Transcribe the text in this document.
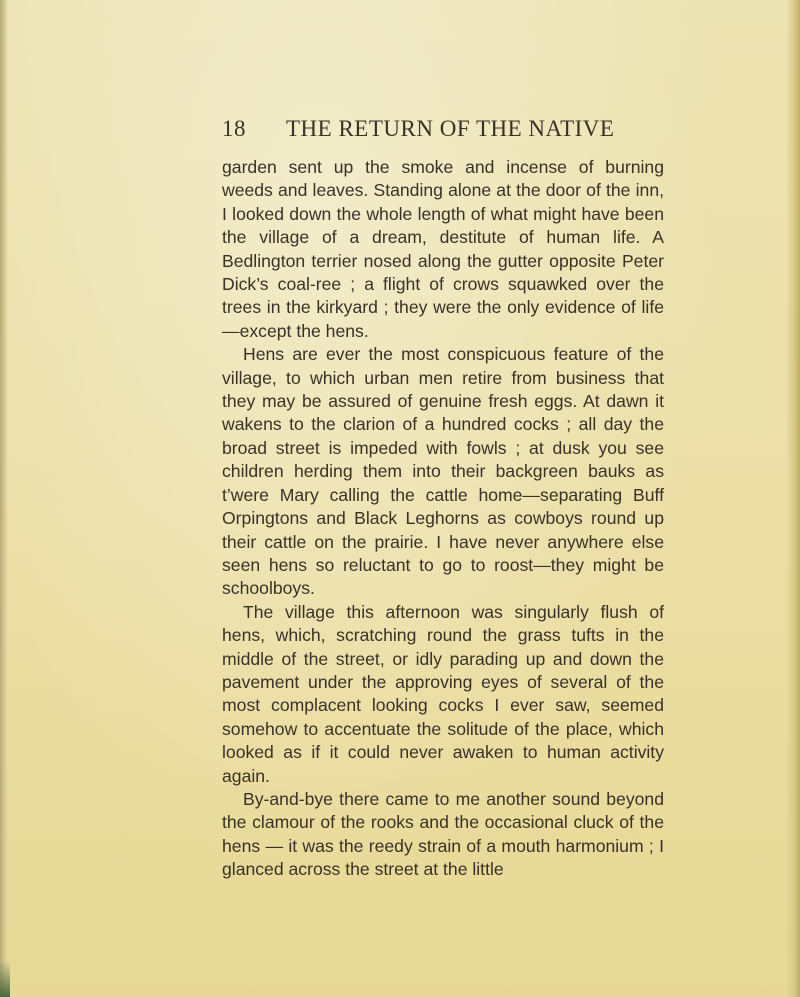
18 THE RETURN OF THE NATIVE

garden sent up the smoke and incense of burning weeds and leaves. Standing alone at the door of the inn, I looked down the whole length of what might have been the village of a dream, destitute of human life. A Bedlington terrier nosed along the gutter opposite Peter Dick’s coal-ree ; a flight of crows squawked over the trees in the kirkyard ; they were the only evidence of life—except the hens.

Hens are ever the most conspicuous feature of the village, to which urban men retire from business that they may be assured of genuine fresh eggs. At dawn it wakens to the clarion of a hundred cocks ; all day the broad street is impeded with fowls ; at dusk you see children herding them into their backgreen bauks as t’were Mary calling the cattle home—separating Buff Orpingtons and Black Leghorns as cowboys round up their cattle on the prairie. I have never anywhere else seen hens so reluctant to go to roost—they might be schoolboys.

The village this afternoon was singularly flush of hens, which, scratching round the grass tufts in the middle of the street, or idly parading up and down the pavement under the approving eyes of several of the most complacent looking cocks I ever saw, seemed somehow to accentuate the solitude of the place, which looked as if it could never awaken to human activity again.

By-and-bye there came to me another sound beyond the clamour of the rooks and the occasional cluck of the hens — it was the reedy strain of a mouth harmonium ; I glanced across the street at the little
